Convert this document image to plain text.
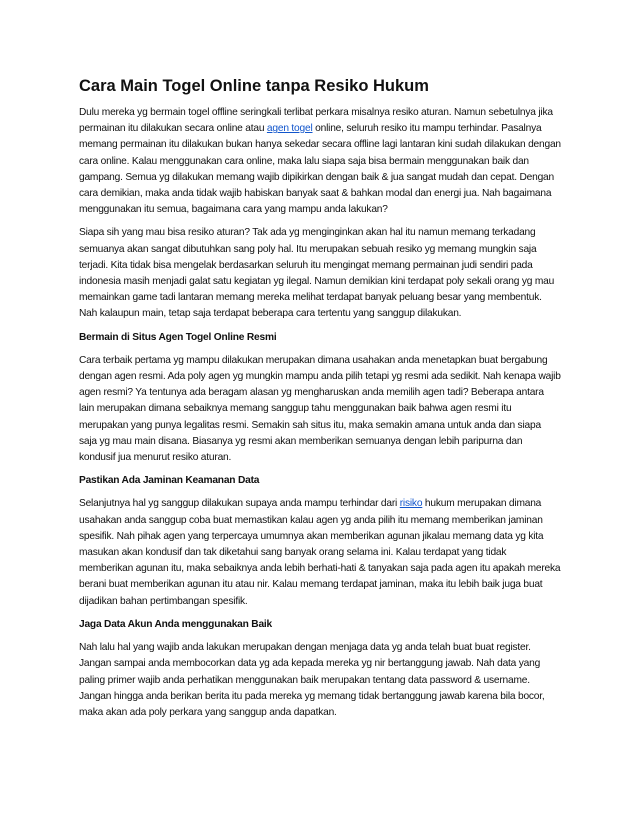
Cara Main Togel Online tanpa Resiko Hukum

Dulu mereka yg bermain togel offline seringkali terlibat perkara misalnya resiko aturan. Namun sebetulnya jika permainan itu dilakukan secara online atau agen togel online, seluruh resiko itu mampu terhindar. Pasalnya memang permainan itu dilakukan bukan hanya sekedar secara offline lagi lantaran kini sudah dilakukan dengan cara online. Kalau menggunakan cara online, maka lalu siapa saja bisa bermain menggunakan baik dan gampang. Semua yg dilakukan memang wajib dipikirkan dengan baik & jua sangat mudah dan cepat. Dengan cara demikian, maka anda tidak wajib habiskan banyak saat & bahkan modal dan energi jua. Nah bagaimana menggunakan itu semua, bagaimana cara yang mampu anda lakukan?

Siapa sih yang mau bisa resiko aturan? Tak ada yg menginginkan akan hal itu namun memang terkadang semuanya akan sangat dibutuhkan sang poly hal. Itu merupakan sebuah resiko yg memang mungkin saja terjadi. Kita tidak bisa mengelak berdasarkan seluruh itu mengingat memang permainan judi sendiri pada indonesia masih menjadi galat satu kegiatan yg ilegal. Namun demikian kini terdapat poly sekali orang yg mau memainkan game tadi lantaran memang mereka melihat terdapat banyak peluang besar yang membentuk. Nah kalaupun main, tetap saja terdapat beberapa cara tertentu yang sanggup dilakukan.

Bermain di Situs Agen Togel Online Resmi

Cara terbaik pertama yg mampu dilakukan merupakan dimana usahakan anda menetapkan buat bergabung dengan agen resmi. Ada poly agen yg mungkin mampu anda pilih tetapi yg resmi ada sedikit. Nah kenapa wajib agen resmi? Ya tentunya ada beragam alasan yg mengharuskan anda memilih agen tadi? Beberapa antara lain merupakan dimana sebaiknya memang sanggup tahu menggunakan baik bahwa agen resmi itu merupakan yang punya legalitas resmi. Semakin sah situs itu, maka semakin amana untuk anda dan siapa saja yg mau main disana. Biasanya yg resmi akan memberikan semuanya dengan lebih paripurna dan kondusif jua menurut resiko aturan.

Pastikan Ada Jaminan Keamanan Data

Selanjutnya hal yg sanggup dilakukan supaya anda mampu terhindar dari risiko hukum merupakan dimana usahakan anda sanggup coba buat memastikan kalau agen yg anda pilih itu memang memberikan jaminan spesifik. Nah pihak agen yang terpercaya umumnya akan memberikan agunan jikalau memang data yg kita masukan akan kondusif dan tak diketahui sang banyak orang selama ini. Kalau terdapat yang tidak memberikan agunan itu, maka sebaiknya anda lebih berhati-hati & tanyakan saja pada agen itu apakah mereka berani buat memberikan agunan itu atau nir. Kalau memang terdapat jaminan, maka itu lebih baik juga buat dijadikan bahan pertimbangan spesifik.

Jaga Data Akun Anda menggunakan Baik

Nah lalu hal yang wajib anda lakukan merupakan dengan menjaga data yg anda telah buat buat register. Jangan sampai anda membocorkan data yg ada kepada mereka yg nir bertanggung jawab. Nah data yang paling primer wajib anda perhatikan menggunakan baik merupakan tentang data password & username. Jangan hingga anda berikan berita itu pada mereka yg memang tidak bertanggung jawab karena bila bocor, maka akan ada poly perkara yang sanggup anda dapatkan.
